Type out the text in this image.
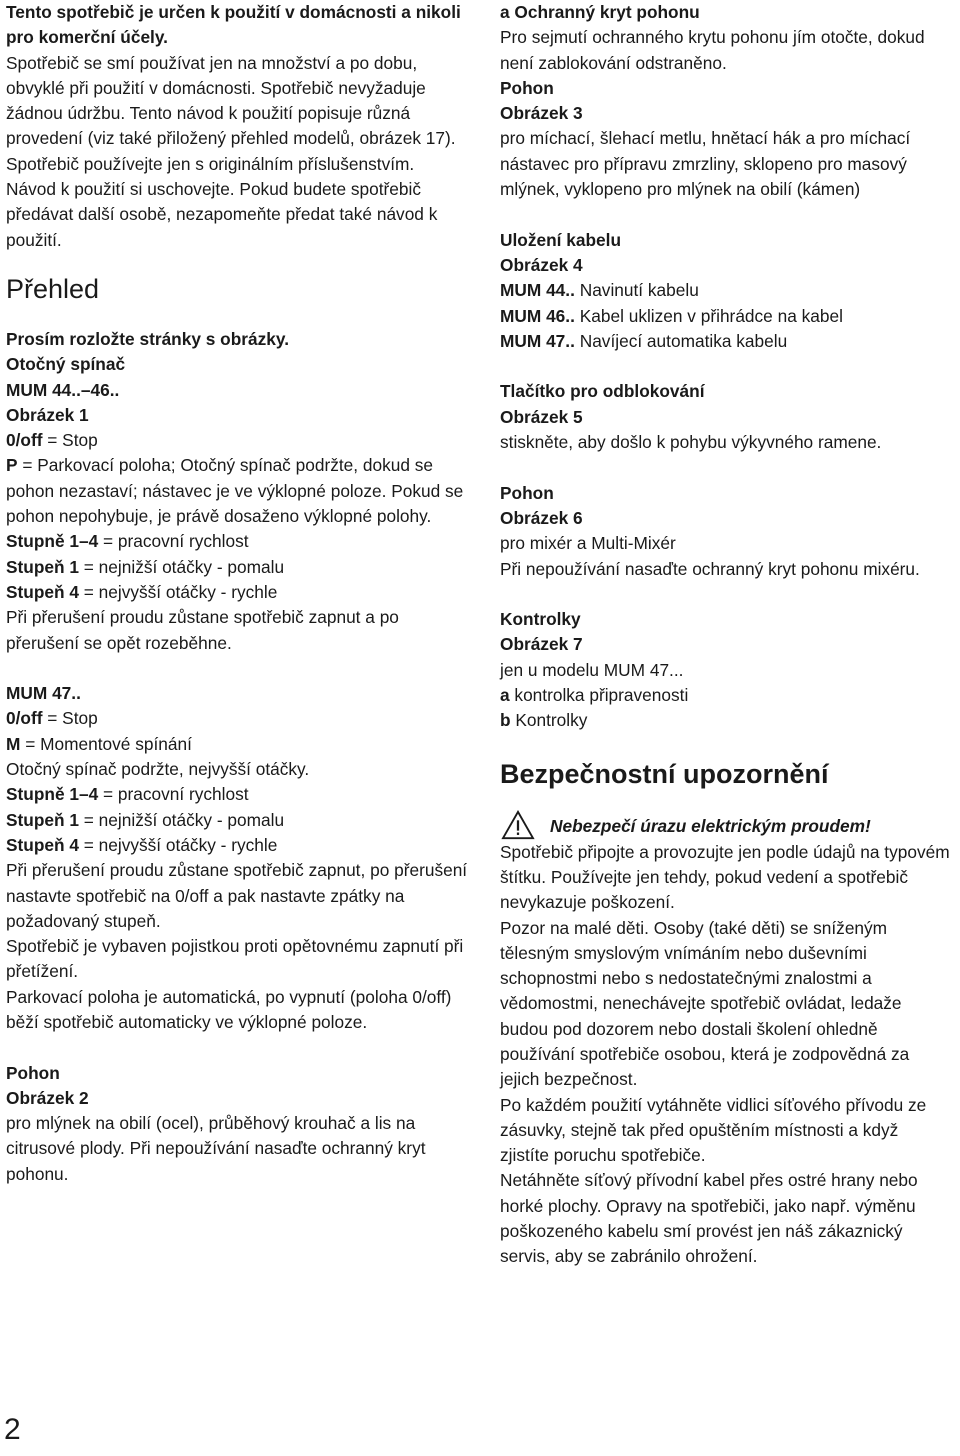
Tento spotřebič je určen k použití v domácnosti a nikoli pro komerční účely.

Spotřebič se smí používat jen na množství a po dobu, obvyklé při použití v domácnosti. Spotřebič nevyžaduje žádnou údržbu. Tento návod k použití popisuje různá provedení (viz také přiložený přehled modelů, obrázek 17). Spotřebič používejte jen s originálním příslušenstvím. Návod k použití si uschovejte. Pokud budete spotřebič předávat další osobě, nezapomeňte předat také návod k použití.

Přehled

Prosím rozložte stránky s obrázky.

Otočný spínač

MUM 44..–46..

Obrázek 1

0/off = Stop

P = Parkovací poloha; Otočný spínač podržte, dokud se pohon nezastaví; nástavec je ve výklopné poloze. Pokud se pohon nepohybuje, je právě dosaženo výklopné polohy.

Stupně 1–4 = pracovní rychlost

Stupeň 1 = nejnižší otáčky - pomalu

Stupeň 4 = nejvyšší otáčky - rychle

Při přerušení proudu zůstane spotřebič zapnut a po přerušení se opět rozeběhne.

MUM 47..

0/off = Stop

M = Momentové spínání

Otočný spínač podržte, nejvyšší otáčky.

Stupně 1–4 = pracovní rychlost

Stupeň 1 = nejnižší otáčky - pomalu

Stupeň 4 = nejvyšší otáčky - rychle

Při přerušení proudu zůstane spotřebič zapnut, po přerušení nastavte spotřebič na 0/off a pak nastavte zpátky na požadovaný stupeň.

Spotřebič je vybaven pojistkou proti opětovnému zapnutí při přetížení.

Parkovací poloha je automatická, po vypnutí (poloha 0/off) běží spotřebič automaticky ve výklopné poloze.

Pohon

Obrázek 2

pro mlýnek na obilí (ocel), průběhový krouhač a lis na citrusové plody. Při nepoužívání nasaďte ochranný kryt pohonu.

a Ochranný kryt pohonu

Pro sejmutí ochranného krytu pohonu jím otočte, dokud není zablokování odstraněno.

Pohon

Obrázek 3

pro míchací, šlehací metlu, hnětací hák a pro míchací nástavec pro přípravu zmrzliny, sklopeno pro masový mlýnek, vyklopeno pro mlýnek na obilí (kámen)

Uložení kabelu

Obrázek 4

MUM 44.. Navinutí kabelu

MUM 46.. Kabel uklizen v přihrádce na kabel

MUM 47.. Navíjecí automatika kabelu

Tlačítko pro odblokování

Obrázek 5

stiskněte, aby došlo k pohybu výkyvného ramene.

Pohon

Obrázek 6

pro mixér a Multi-Mixér

Při nepoužívání nasaďte ochranný kryt pohonu mixéru.

Kontrolky

Obrázek 7

jen u modelu MUM 47...

a kontrolka připravenosti

b Kontrolky

Bezpečnostní upozornění
Nebezpečí úrazu elektrickým proudem!

Spotřebič připojte a provozujte jen podle údajů na typovém štítku. Používejte jen tehdy, pokud vedení a spotřebič nevykazuje poškození.

Pozor na malé děti. Osoby (také děti) se sníženým tělesným smyslovým vnímáním nebo duševními schopnostmi nebo s nedostatečnými znalostmi a vědomostmi, nenechávejte spotřebič ovládat, ledaže budou pod dozorem nebo dostali školení ohledně používání spotřebiče osobou, která je zodpovědná za jejich bezpečnost.

Po každém použití vytáhněte vidlici síťového přívodu ze zásuvky, stejně tak před opuštěním místnosti a když zjistíte poruchu spotřebiče.

Netáhněte síťový přívodní kabel přes ostré hrany nebo horké plochy. Opravy na spotřebiči, jako např. výměnu poškozeného kabelu smí provést jen náš zákaznický servis, aby se zabránilo ohrožení.

2
